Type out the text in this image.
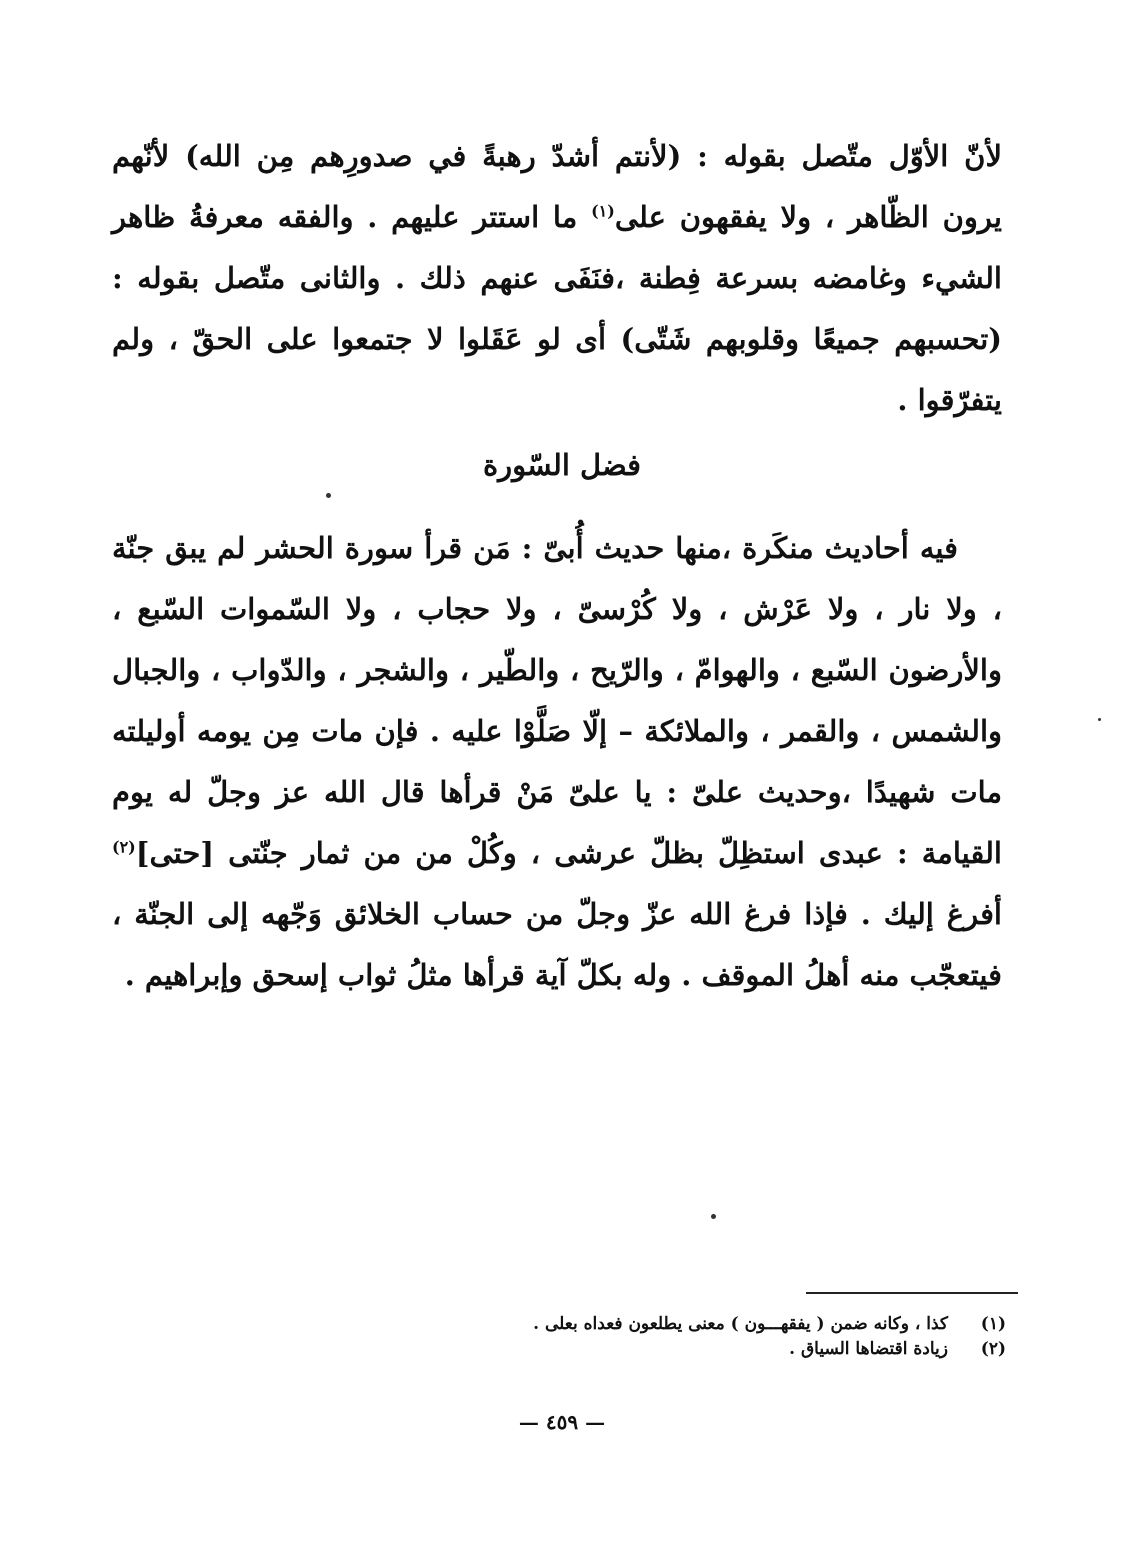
لأنّ الأوّل متّصل بقوله : (لأنتم أشدّ رهبةً في صدورِهم مِن الله) لأنّهم يرون الظّاهر ، ولا يفقهون على$^{(١)}$ ما استتر عليهم . والفقه معرفةُ ظاهر الشيء وغامضه بسرعة فِطنة ،فنَفَى عنهم ذلك . والثانى متّصل بقوله : (تحسبهم جميعًا وقلوبهم شَتّى) أى لو عَقَلوا لا جتمعوا على الحقّ ، ولم يتفرّقوا .

فضل السّورة

فيه أحاديث منكَرة ،منها حديث أُبىّ : مَن قرأ سورة الحشر لم يبق جنّة ، ولا نار ، ولا عَرْش ، ولا كُرْسىّ ، ولا حجاب ، ولا السّموات السّبع ، والأرضون السّبع ، والهوامّ ، والرّيح ، والطّير ، والشجر ، والدّواب ، والجبال والشمس ، والقمر ، والملائكة – إلّا صَلَّوْا عليه . فإن مات مِن يومه أوليلته مات شهيدًا ،وحديث علىّ : يا علىّ مَنْ قرأها قال الله عز وجلّ له يوم القيامة : عبدى استظِلّ بظلّ عرشى ، وكُلْ من من ثمار جنّتى [حتى]$^{(٢)}$ أفرغ إليك . فإذا فرغ الله عزّ وجلّ من حساب الخلائق وَجّهه إلى الجنّة ، فيتعجّب منه أهلُ الموقف . وله بكلّ آية قرأها مثلُ ثواب إسحق وإبراهيم .

(١)
كذا ، وكانه ضمن ( يفقهـــون ) معنى يطلعون فعداه بعلى .
(٢)
زيادة اقتضاها السياق .
— ٤٥٩ —
